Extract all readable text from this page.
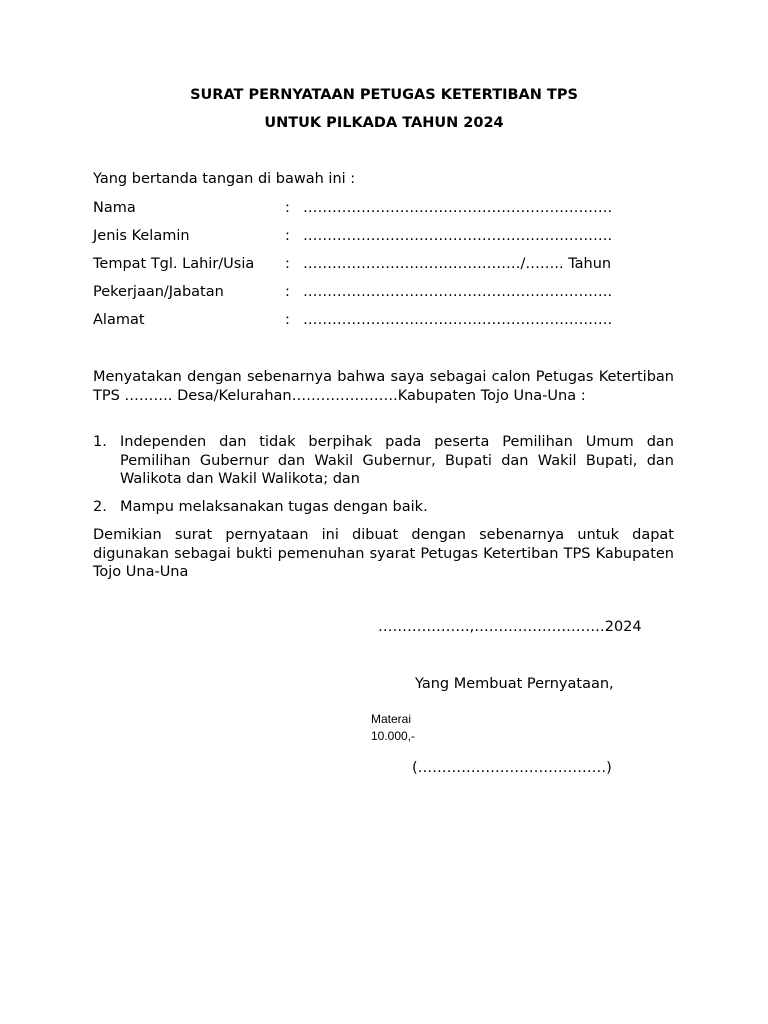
SURAT PERNYATAAN PETUGAS KETERTIBAN TPS
UNTUK PILKADA TAHUN 2024
Yang bertanda tangan di bawah ini :
Nama	: ……………………………………………………….
Jenis Kelamin	: ……………………………………………………….
Tempat Tgl. Lahir/Usia : ………………………………………/…….. Tahun
Pekerjaan/Jabatan	: ……………………………………………………….
Alamat	: ……………………………………………………….
Menyatakan dengan sebenarnya bahwa saya sebagai calon Petugas Ketertiban TPS ………. Desa/Kelurahan………………….Kabupaten Tojo Una-Una :
1. Independen dan tidak berpihak pada peserta Pemilihan Umum dan Pemilihan Gubernur dan Wakil Gubernur, Bupati dan Wakil Bupati, dan Walikota dan Wakil Walikota; dan
2. Mampu melaksanakan tugas dengan baik.
Demikian surat pernyataan ini dibuat dengan sebenarnya untuk dapat digunakan sebagai bukti pemenuhan syarat Petugas Ketertiban TPS Kabupaten Tojo Una-Una
……………….,………………………2024
Yang Membuat Pernyataan,
Materai
10.000,-
(…………………………………)
